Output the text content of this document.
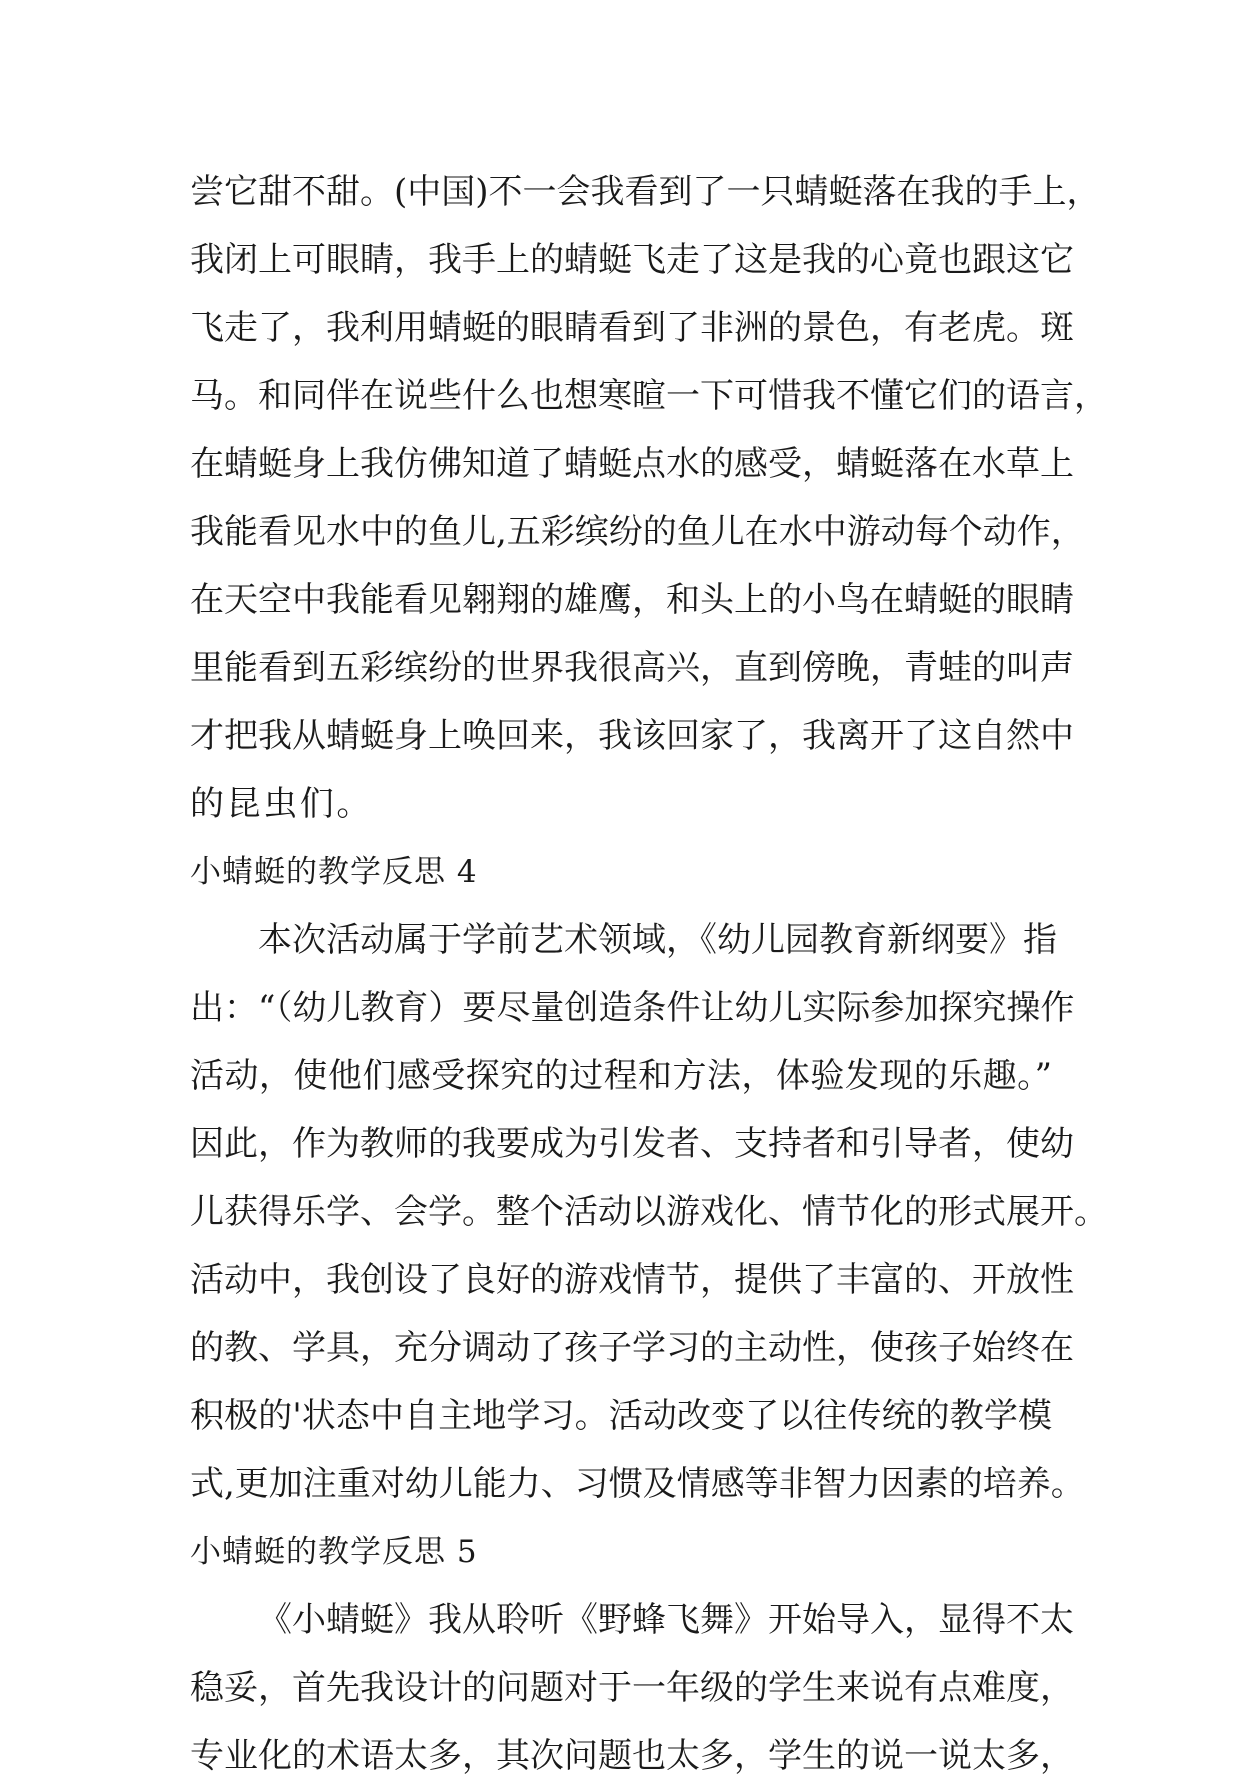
尝它甜不甜。(中国)不一会我看到了一只蜻蜓落在我的手上，
我闭上可眼睛，我手上的蜻蜓飞走了这是我的心竟也跟这它
飞走了，我利用蜻蜓的眼睛看到了非洲的景色，有老虎。斑
马。和同伴在说些什么也想寒暄一下可惜我不懂它们的语言，
在蜻蜓身上我仿佛知道了蜻蜓点水的感受，蜻蜓落在水草上
我能看见水中的鱼儿,五彩缤纷的鱼儿在水中游动每个动作，
在天空中我能看见翱翔的雄鹰，和头上的小鸟在蜻蜓的眼睛
里能看到五彩缤纷的世界我很高兴，直到傍晚，青蛙的叫声
才把我从蜻蜓身上唤回来，我该回家了，我离开了这自然中
的昆虫们。
小蜻蜓的教学反思 4
本次活动属于学前艺术领域，《幼儿园教育新纲要》指
出：“（幼儿教育）要尽量创造条件让幼儿实际参加探究操作
活动，使他们感受探究的过程和方法，体验发现的乐趣。”
因此，作为教师的我要成为引发者、支持者和引导者，使幼
儿获得乐学、会学。整个活动以游戏化、情节化的形式展开。
活动中，我创设了良好的游戏情节，提供了丰富的、开放性
的教、学具，充分调动了孩子学习的主动性，使孩子始终在
积极的'状态中自主地学习。活动改变了以往传统的教学模
式,更加注重对幼儿能力、习惯及情感等非智力因素的培养。
小蜻蜓的教学反思 5
《小蜻蜓》我从聆听《野蜂飞舞》开始导入，显得不太
稳妥，首先我设计的问题对于一年级的学生来说有点难度，
专业化的术语太多，其次问题也太多，学生的说一说太多，
